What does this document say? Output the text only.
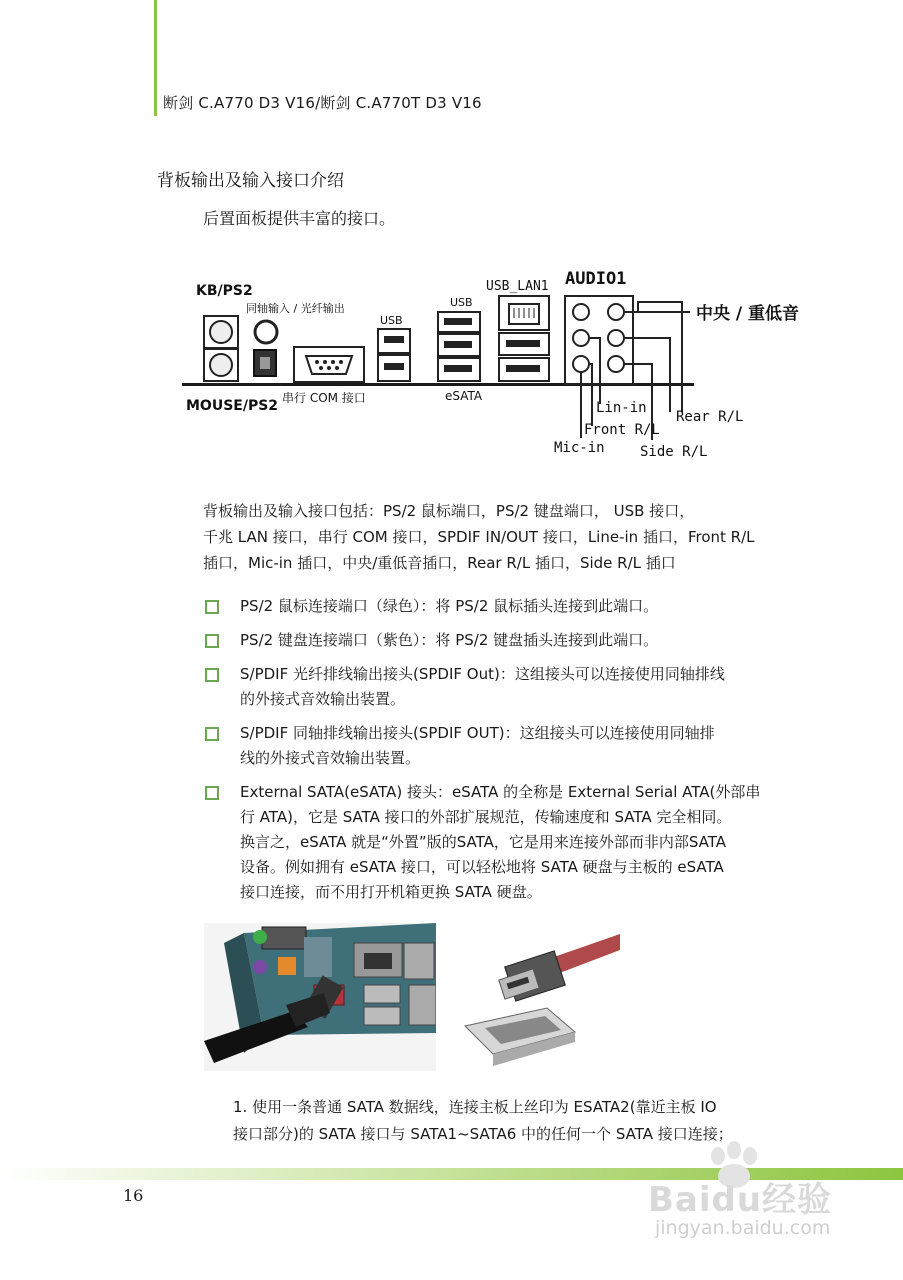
断剑 C.A770 D3 V16/断剑 C.A770T D3 V16
背板输出及输入接口介绍
后置面板提供丰富的接口。
KB/PS2
MOUSE/PS2
同轴输入 / 光纤输出
USB
USB
USB_LAN1 AUDIO1
串行 COM 接口	eSATA
中央 / 重低音
Lin-in
Front R/L
Mic-in
Rear R/L
Side R/L
背板输出及输入接口包括：PS/2 鼠标端口，PS/2 键盘端口， USB 接口，
千兆 LAN 接口，串行 COM 接口，SPDIF IN/OUT 接口，Line-in 插口，Front R/L
插口，Mic-in 插口，中央/重低音插口，Rear R/L 插口，Side R/L 插口
PS/2 鼠标连接端口（绿色）：将 PS/2 鼠标插头连接到此端口。
PS/2 键盘连接端口（紫色）：将 PS/2 键盘插头连接到此端口。
S/PDIF 光纤排线输出接头(SPDIF Out)：这组接头可以连接使用同轴排线
的外接式音效输出装置。
S/PDIF 同轴排线输出接头(SPDIF OUT)：这组接头可以连接使用同轴排
线的外接式音效输出装置。
External SATA(eSATA) 接头：eSATA 的全称是 External Serial ATA(外部串
行 ATA)，它是 SATA 接口的外部扩展规范，传输速度和 SATA 完全相同。
换言之，eSATA 就是“外置”版的SATA，它是用来连接外部而非内部SATA
设备。例如拥有 eSATA 接口，可以轻松地将 SATA 硬盘与主板的 eSATA
接口连接，而不用打开机箱更换 SATA 硬盘。
1. 使用一条普通 SATA 数据线，连接主板上丝印为 ESATA2(靠近主板 IO
接口部分)的 SATA 接口与 SATA1~SATA6 中的任何一个 SATA 接口连接；
16	Baidu经验
jingyan.baidu.com
